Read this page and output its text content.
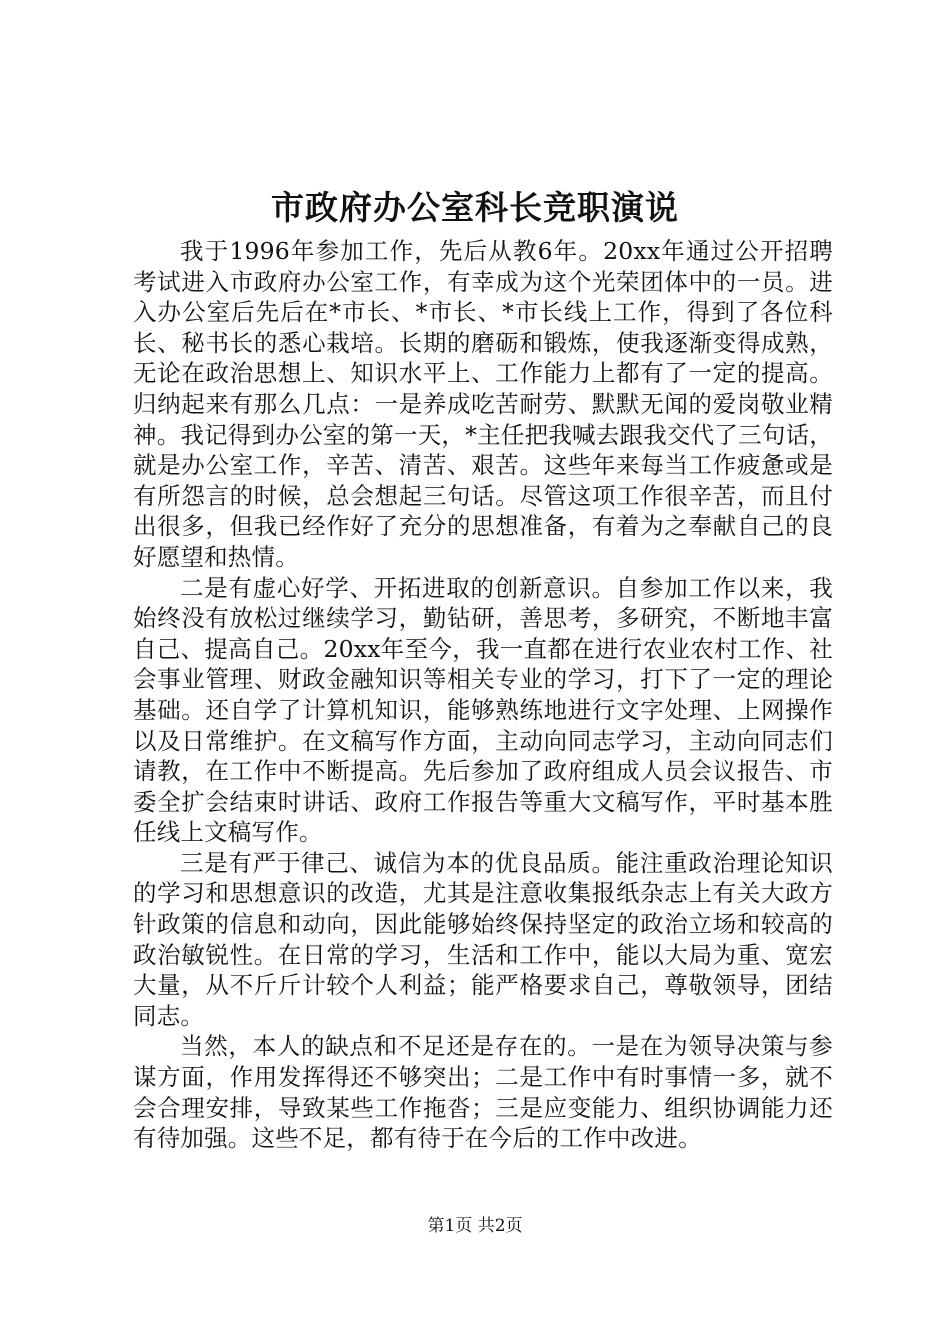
市政府办公室科长竞职演说

我于1996年参加工作，先后从教6年。20xx年通过公开招聘考试进入市政府办公室工作，有幸成为这个光荣团体中的一员。进入办公室后先后在*市长、*市长、*市长线上工作，得到了各位科长、秘书长的悉心栽培。长期的磨砺和锻炼，使我逐渐变得成熟，无论在政治思想上、知识水平上、工作能力上都有了一定的提高。归纳起来有那么几点：一是养成吃苦耐劳、默默无闻的爱岗敬业精神。我记得到办公室的第一天，*主任把我喊去跟我交代了三句话，就是办公室工作，辛苦、清苦、艰苦。这些年来每当工作疲惫或是有所怨言的时候，总会想起三句话。尽管这项工作很辛苦，而且付出很多，但我已经作好了充分的思想准备，有着为之奉献自己的良好愿望和热情。

二是有虚心好学、开拓进取的创新意识。自参加工作以来，我始终没有放松过继续学习，勤钻研，善思考，多研究，不断地丰富自己、提高自己。20xx年至今，我一直都在进行农业农村工作、社会事业管理、财政金融知识等相关专业的学习，打下了一定的理论基础。还自学了计算机知识，能够熟练地进行文字处理、上网操作以及日常维护。在文稿写作方面，主动向同志学习，主动向同志们请教，在工作中不断提高。先后参加了政府组成人员会议报告、市委全扩会结束时讲话、政府工作报告等重大文稿写作，平时基本胜任线上文稿写作。

三是有严于律己、诚信为本的优良品质。能注重政治理论知识的学习和思想意识的改造，尤其是注意收集报纸杂志上有关大政方针政策的信息和动向，因此能够始终保持坚定的政治立场和较高的政治敏锐性。在日常的学习，生活和工作中，能以大局为重、宽宏大量，从不斤斤计较个人利益；能严格要求自己，尊敬领导，团结同志。

当然，本人的缺点和不足还是存在的。一是在为领导决策与参谋方面，作用发挥得还不够突出；二是工作中有时事情一多，就不会合理安排，导致某些工作拖沓；三是应变能力、组织协调能力还有待加强。这些不足，都有待于在今后的工作中改进。

第1页 共2页
